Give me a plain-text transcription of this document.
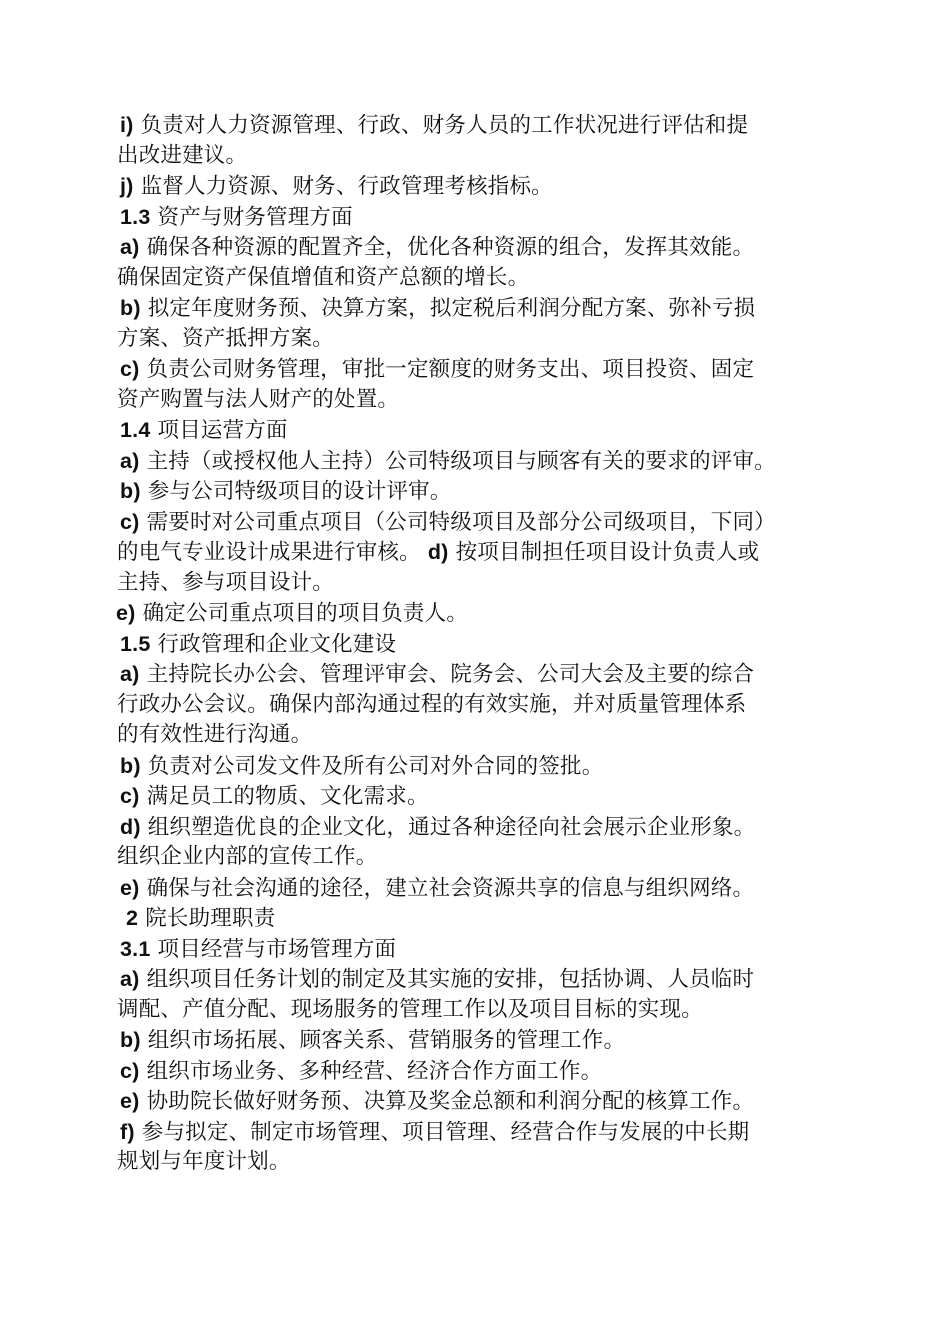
i) 负责对人力资源管理、行政、财务人员的工作状况进行评估和提
出改进建议。
j) 监督人力资源、财务、行政管理考核指标。
1.3 资产与财务管理方面
a) 确保各种资源的配置齐全，优化各种资源的组合，发挥其效能。
确保固定资产保值增值和资产总额的增长。
b) 拟定年度财务预、决算方案，拟定税后利润分配方案、弥补亏损
方案、资产抵押方案。
c) 负责公司财务管理，审批一定额度的财务支出、项目投资、固定
资产购置与法人财产的处置。
1.4 项目运营方面
a) 主持（或授权他人主持）公司特级项目与顾客有关的要求的评审。
b) 参与公司特级项目的设计评审。
c) 需要时对公司重点项目（公司特级项目及部分公司级项目，下同）
的电气专业设计成果进行审核。 d) 按项目制担任项目设计负责人或
主持、参与项目设计。
e) 确定公司重点项目的项目负责人。
1.5 行政管理和企业文化建设
a) 主持院长办公会、管理评审会、院务会、公司大会及主要的综合
行政办公会议。确保内部沟通过程的有效实施，并对质量管理体系
的有效性进行沟通。
b) 负责对公司发文件及所有公司对外合同的签批。
c) 满足员工的物质、文化需求。
d) 组织塑造优良的企业文化，通过各种途径向社会展示企业形象。
组织企业内部的宣传工作。
e) 确保与社会沟通的途径，建立社会资源共享的信息与组织网络。
2 院长助理职责
3.1 项目经营与市场管理方面
a) 组织项目任务计划的制定及其实施的安排，包括协调、人员临时
调配、产值分配、现场服务的管理工作以及项目目标的实现。
b) 组织市场拓展、顾客关系、营销服务的管理工作。
c) 组织市场业务、多种经营、经济合作方面工作。
e) 协助院长做好财务预、决算及奖金总额和利润分配的核算工作。
f) 参与拟定、制定市场管理、项目管理、经营合作与发展的中长期
规划与年度计划。
